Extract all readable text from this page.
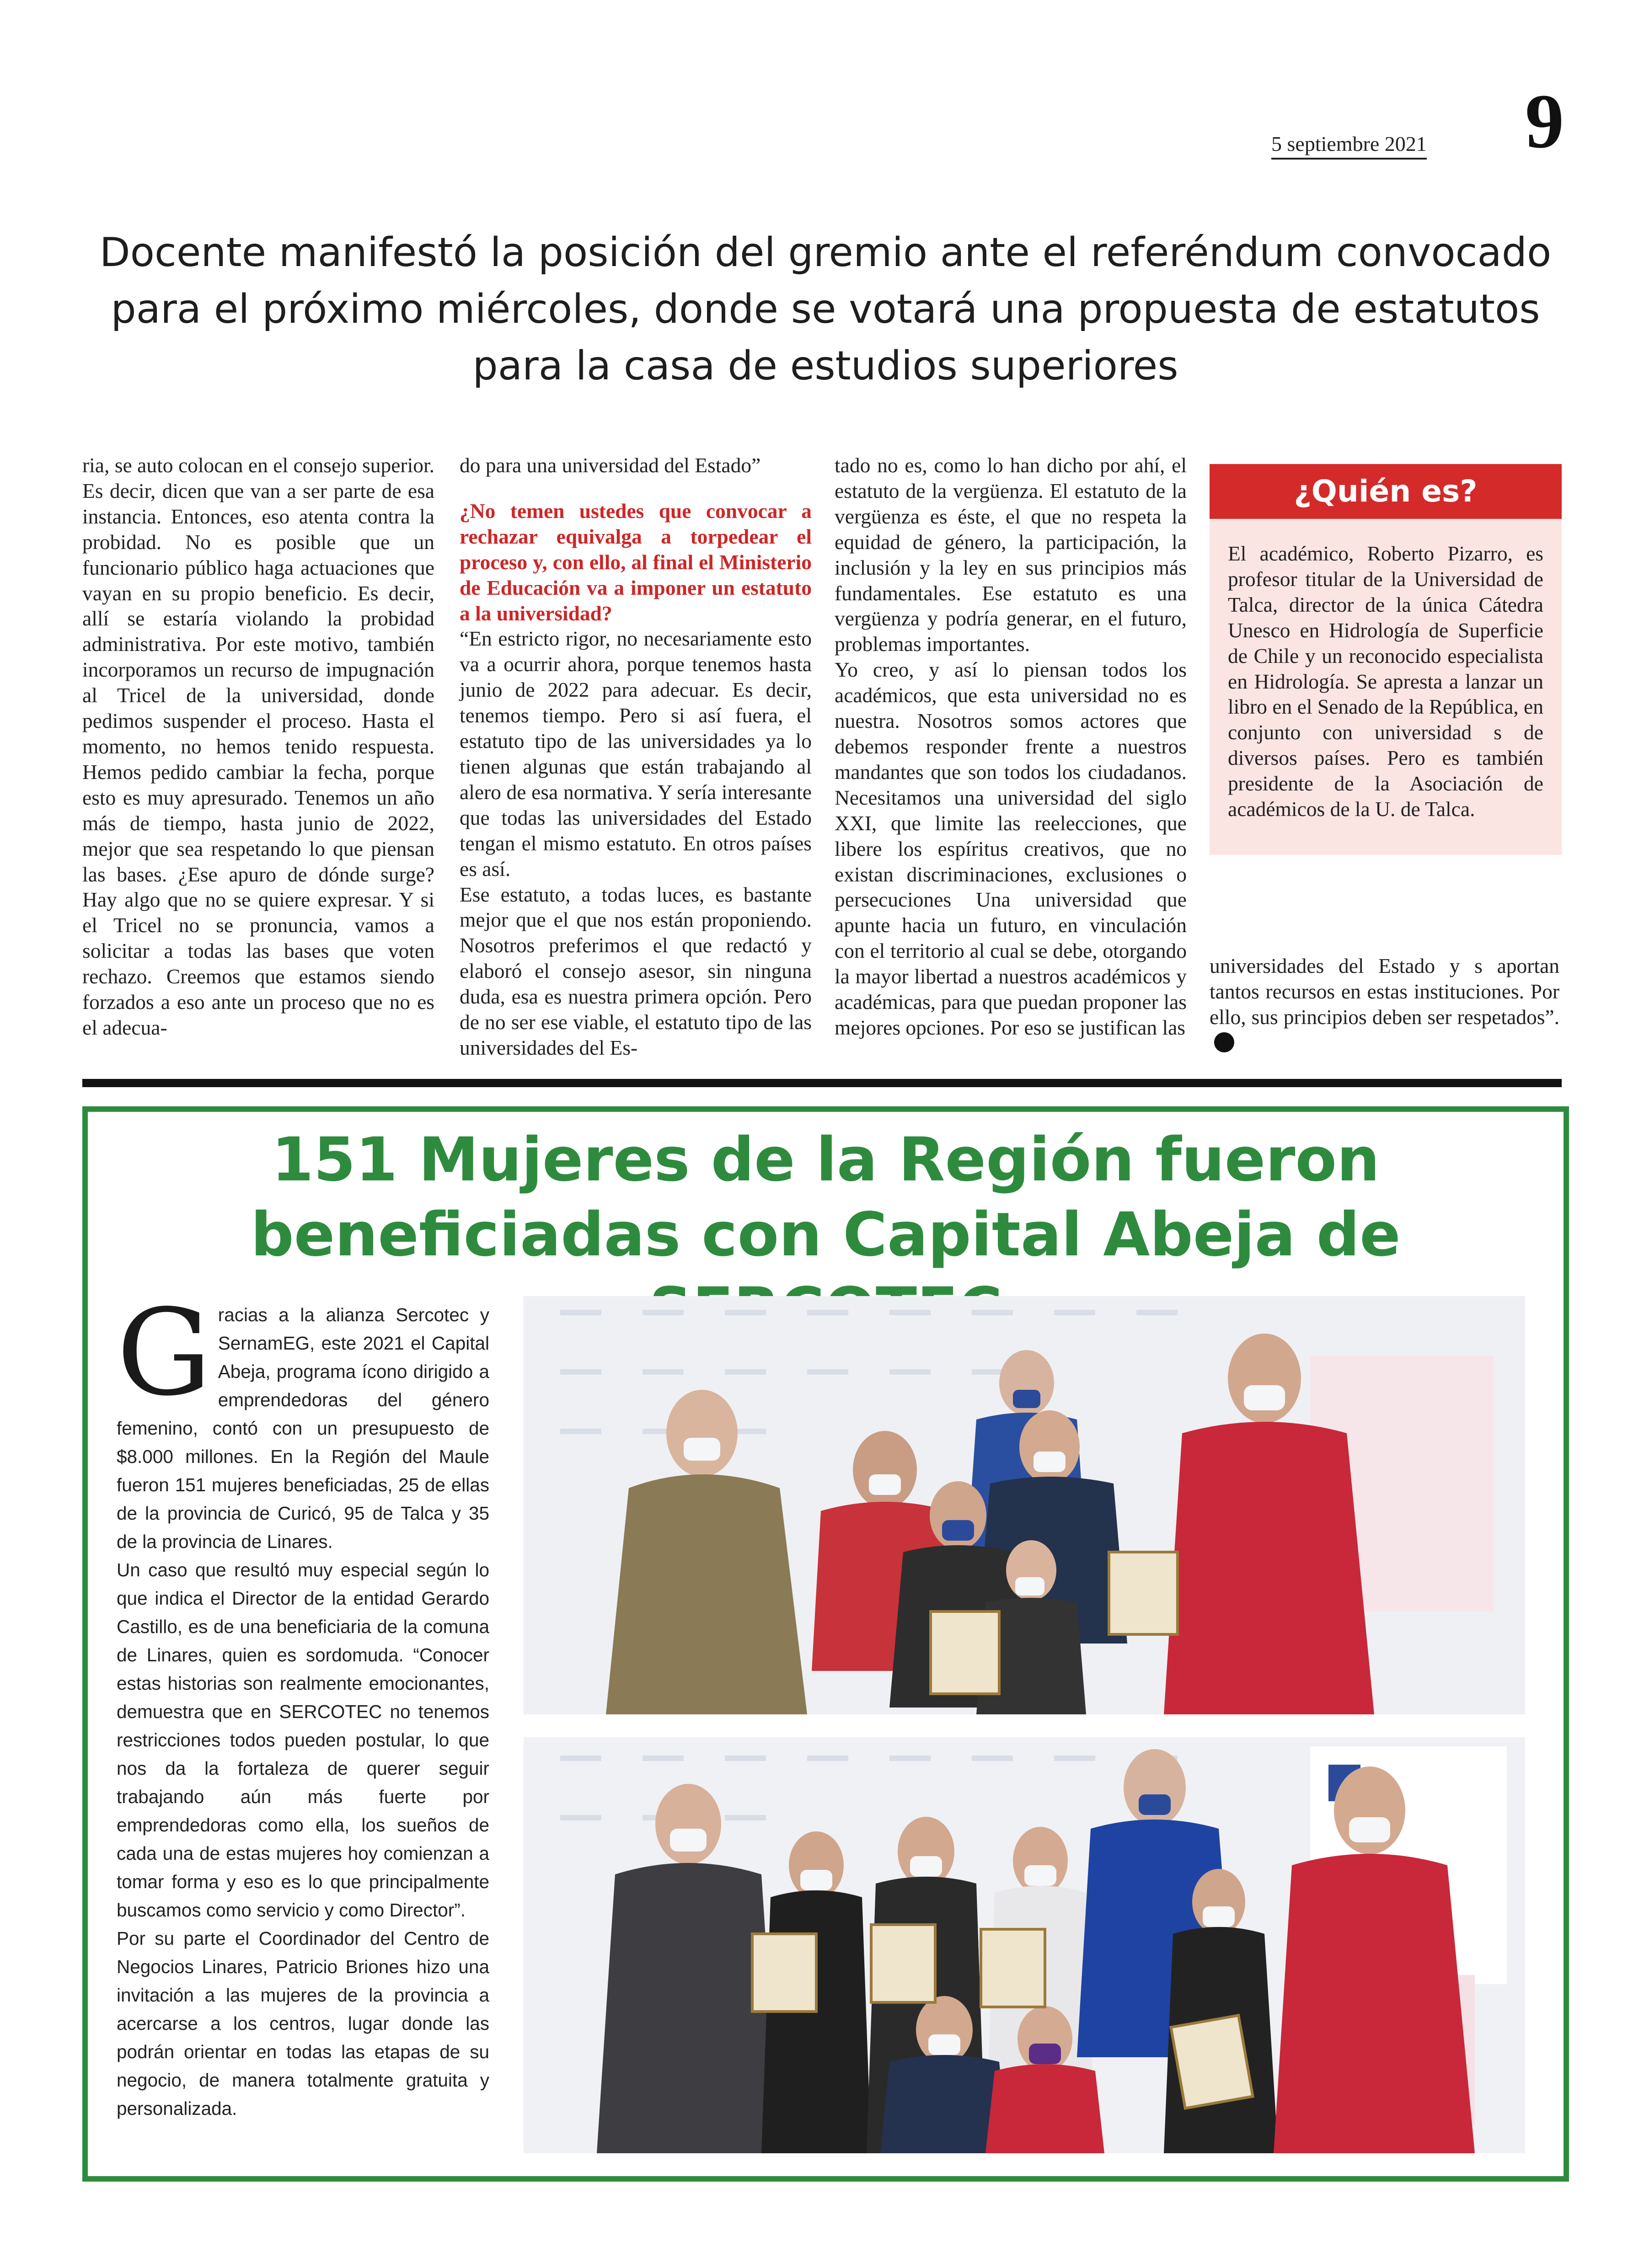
5 septiembre 2021 9
Docente manifestó la posición del gremio ante el referéndum convocado para el próximo miércoles, donde se votará una propuesta de estatutos para la casa de estudios superiores

ria, se auto colocan en el consejo superior. Es decir, dicen que van a ser parte de esa instancia. Entonces, eso atenta contra la probidad. No es posible que un funcionario público haga actuaciones que vayan en su propio beneficio. Es decir, allí se estaría violando la probidad administrativa. Por este motivo, también incorporamos un recurso de impugnación al Tricel de la universidad, donde pedimos suspender el proceso. Hasta el momento, no hemos tenido respuesta. Hemos pedido cambiar la fecha, porque esto es muy apresurado. Tenemos un año más de tiempo, hasta junio de 2022, mejor que sea respetando lo que piensan las bases. ¿Ese apuro de dónde surge? Hay algo que no se quiere expresar. Y si el Tricel no se pronuncia, vamos a solicitar a todas las bases que voten rechazo. Creemos que estamos siendo forzados a eso ante un proceso que no es el adecua-

do para una universidad del Estado”

¿No temen ustedes que convocar a rechazar equivalga a torpedear el proceso y, con ello, al final el Ministerio de Educación va a imponer un estatuto a la universidad?

“En estricto rigor, no necesariamente esto va a ocurrir ahora, porque tenemos hasta junio de 2022 para adecuar. Es decir, tenemos tiempo. Pero si así fuera, el estatuto tipo de las universidades ya lo tienen algunas que están trabajando al alero de esa normativa. Y sería interesante que todas las universidades del Estado tengan el mismo estatuto. En otros países es así.

Ese estatuto, a todas luces, es bastante mejor que el que nos están proponiendo. Nosotros preferimos el que redactó y elaboró el consejo asesor, sin ninguna duda, esa es nuestra primera opción. Pero de no ser ese viable, el estatuto tipo de las universidades del Es-

tado no es, como lo han dicho por ahí, el estatuto de la vergüenza. El estatuto de la vergüenza es éste, el que no respeta la equidad de género, la participación, la inclusión y la ley en sus principios más fundamentales. Ese estatuto es una vergüenza y podría generar, en el futuro, problemas importantes.

Yo creo, y así lo piensan todos los académicos, que esta universidad no es nuestra. Nosotros somos actores que debemos responder frente a nuestros mandantes que son todos los ciudadanos. Necesitamos una universidad del siglo XXI, que limite las reelecciones, que libere los espíritus creativos, que no existan discriminaciones, exclusiones o persecuciones Una universidad que apunte hacia un futuro, en vinculación con el territorio al cual se debe, otorgando la mayor libertad a nuestros académicos y académicas, para que puedan proponer las mejores opciones. Por eso se justifican las

¿Quién es?
El académico, Roberto Pizarro, es profesor titular de la Universidad de Talca, director de la única Cátedra Unesco en Hidrología de Superficie de Chile y un reconocido especialista en Hidrología. Se apresta a lanzar un libro en el Senado de la República, en conjunto con universidad s de diversos países. Pero es también presidente de la Asociación de académicos de la U. de Talca.

universidades del Estado y s aportan tantos recursos en estas instituciones. Por ello, sus principios deben ser respetados”.

151 Mujeres de la Región fueron
beneficiadas con Capital Abeja de
G racias a la alianza Sercotec y SernamEG, este 2021 el Capital Abeja, programa ícono dirigido a emprendedoras del género femenino, contó con un presupuesto de $8.000 millones. En la Región del Maule fueron 151 mujeres beneficiadas, 25 de ellas de la provincia de Curicó, 95 de Talca y 35 de la provincia de Linares.

Un caso que resultó muy especial según lo que indica el Director de la entidad Gerardo Castillo, es de una beneficiaria de la comuna de Linares, quien es sordomuda. “Conocer estas historias son realmente emocionantes, demuestra que en SERCOTEC no tenemos restricciones todos pueden postular, lo que nos da la fortaleza de querer seguir trabajando aún más fuerte por emprendedoras como ella, los sueños de cada una de estas mujeres hoy comienzan a tomar forma y eso es lo que principalmente buscamos como servicio y como Director”.

Por su parte el Coordinador del Centro de Negocios Linares, Patricio Briones hizo una invitación a las mujeres de la provincia a acercarse a los centros, lugar donde las podrán orientar en todas las etapas de su negocio, de manera totalmente gratuita y personalizada.
